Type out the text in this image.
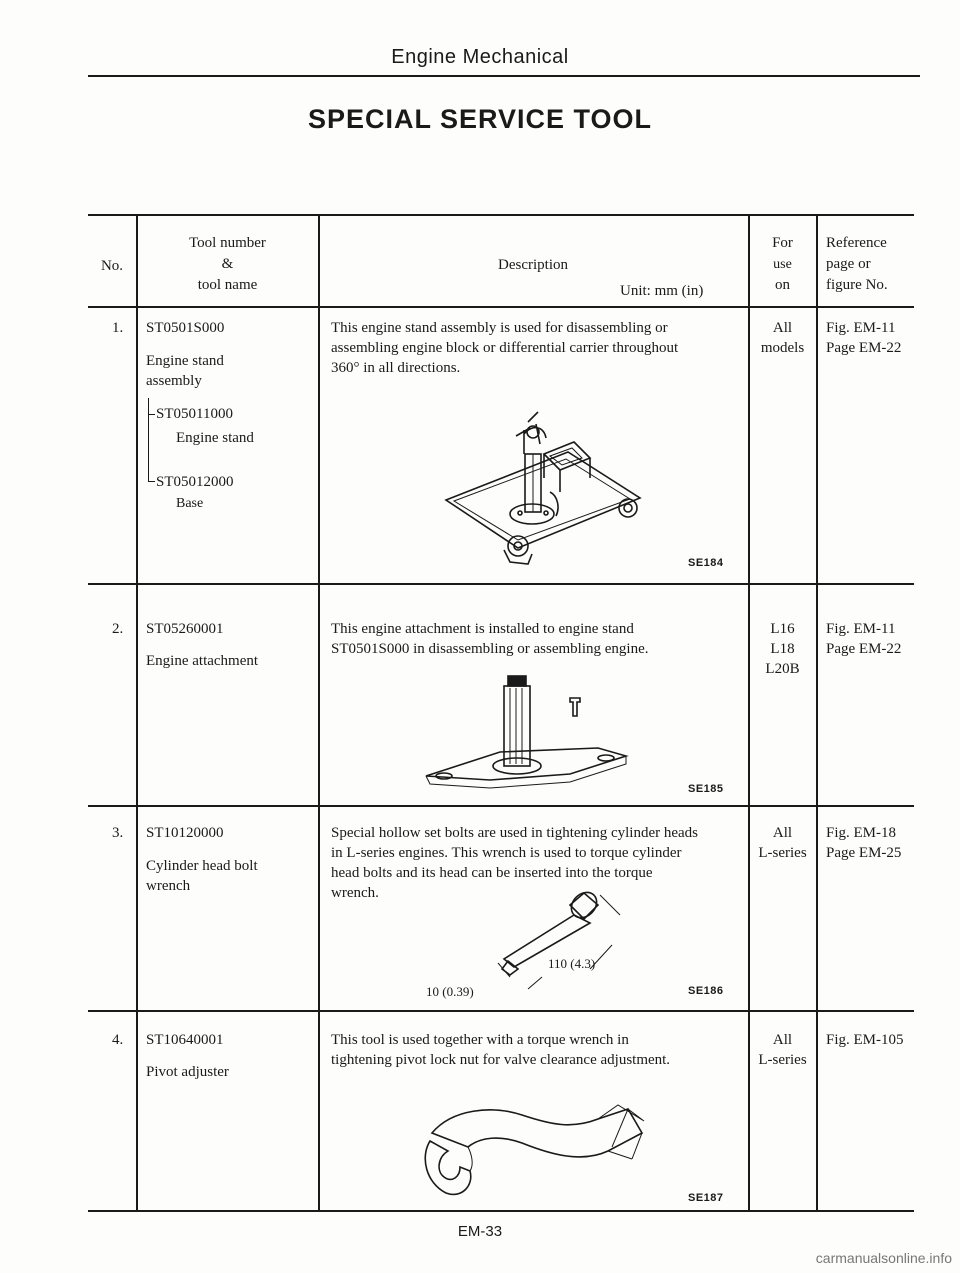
Engine Mechanical
SPECIAL SERVICE TOOL
No.
Tool number
&
tool name
Description
Unit: mm (in)
For
use
on
Reference
page or
figure No.
1. ST0501S000
Engine stand
assembly
ST05011000
Engine stand
ST05012000
Base
This engine stand assembly is used for disassembling or
assembling engine block or differential carrier throughout
360° in all directions.
SE184
All
models
Fig. EM-11
Page EM-22
2. ST05260001
Engine attachment
This engine attachment is installed to engine stand
ST0501S000 in disassembling or assembling engine.
SE185
L16
L18
L20B
Fig. EM-11
Page EM-22
3. ST10120000
Cylinder head bolt
wrench
Special hollow set bolts are used in tightening cylinder heads
in L-series engines. This wrench is used to torque cylinder
head bolts and its head can be inserted into the torque
wrench.
110 (4.3)
10 (0.39)	SE186
All
L-series
Fig. EM-18
Page EM-25
4. ST10640001
Pivot adjuster
This tool is used together with a torque wrench in
tightening pivot lock nut for valve clearance adjustment.
SE187
All
L-series
Fig. EM-105
EM-33
carmanualsonline.info
